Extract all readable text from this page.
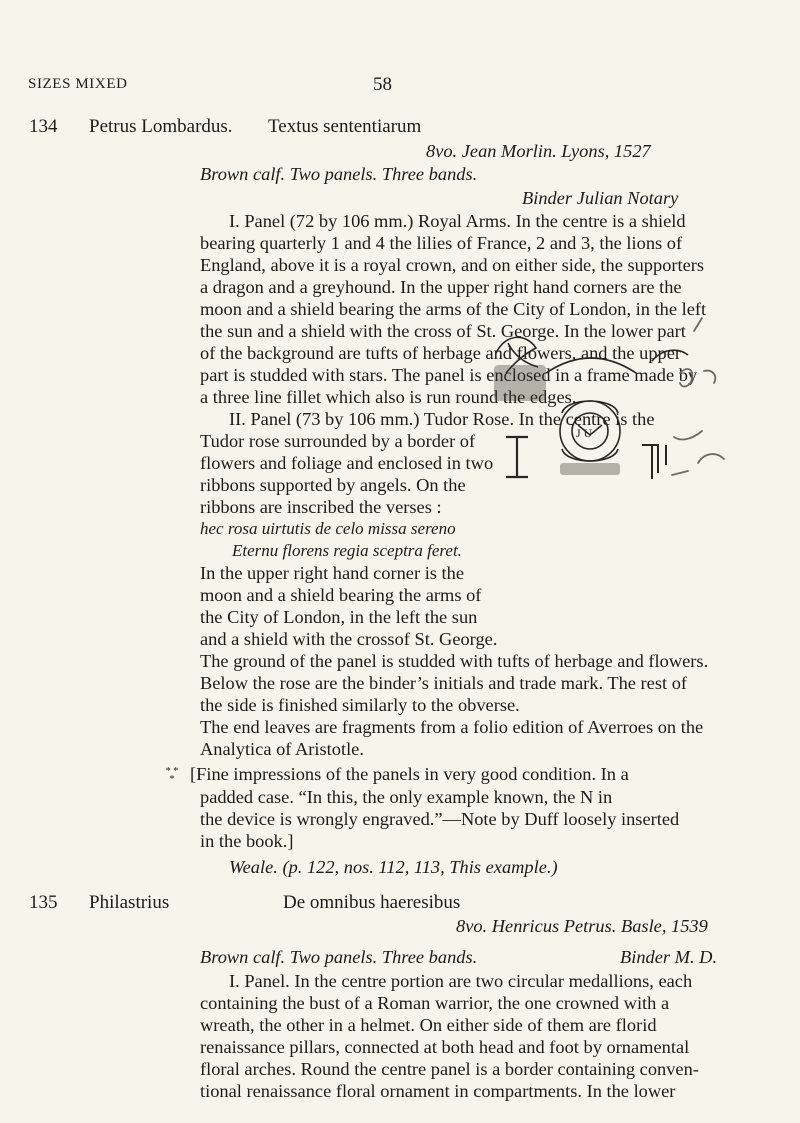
SIZES MIXED	58
134 Petrus Lombardus. Textus sententiarum
8vo. Jean Morlin. Lyons, 1527
Brown calf. Two panels. Three bands.
Binder Julian Notary
I. Panel (72 by 106 mm.) Royal Arms. In the centre is a shield
bearing quarterly 1 and 4 the lilies of France, 2 and 3, the lions of
England, above it is a royal crown, and on either side, the supporters
a dragon and a greyhound. In the upper right hand corners are the
moon and a shield bearing the arms of the City of London, in the left
the sun and a shield with the cross of St. George. In the lower part
of the background are tufts of herbage and flowers, and the upper
part is studded with stars. The panel is enclosed in a frame made by
a three line fillet which also is run round the edges.
II. Panel (73 by 106 mm.) Tudor Rose. In the centre is the
Tudor rose surrounded by a border of
flowers and foliage and enclosed in two
ribbons supported by angels. On the
ribbons are inscribed the verses :
hec rosa uirtutis de celo missa sereno
Eternu florens regia sceptra feret.
In the upper right hand corner is the
moon and a shield bearing the arms of
the City of London, in the left the sun
and a shield with the crossof St. George.
The ground of the panel is studded with tufts of herbage and flowers.
Below the rose are the binder’s initials and trade mark. The rest of
the side is finished similarly to the obverse.
The end leaves are fragments from a folio edition of Averroes on the
Analytica of Aristotle.
* *
* [Fine impressions of the panels in very good condition. In a
padded case. “In this, the only example known, the N in
the device is wrongly engraved.”—Note by Duff loosely inserted
in the book.]
Weale. (p. 122, nos. 112, 113, This example.)
J U
135 Philastrius	De omnibus haeresibus
8vo. Henricus Petrus. Basle, 1539
Brown calf. Two panels. Three bands.	Binder M. D.
I. Panel. In the centre portion are two circular medallions, each
containing the bust of a Roman warrior, the one crowned with a
wreath, the other in a helmet. On either side of them are florid
renaissance pillars, connected at both head and foot by ornamental
floral arches. Round the centre panel is a border containing conven-
tional renaissance floral ornament in compartments. In the lower
